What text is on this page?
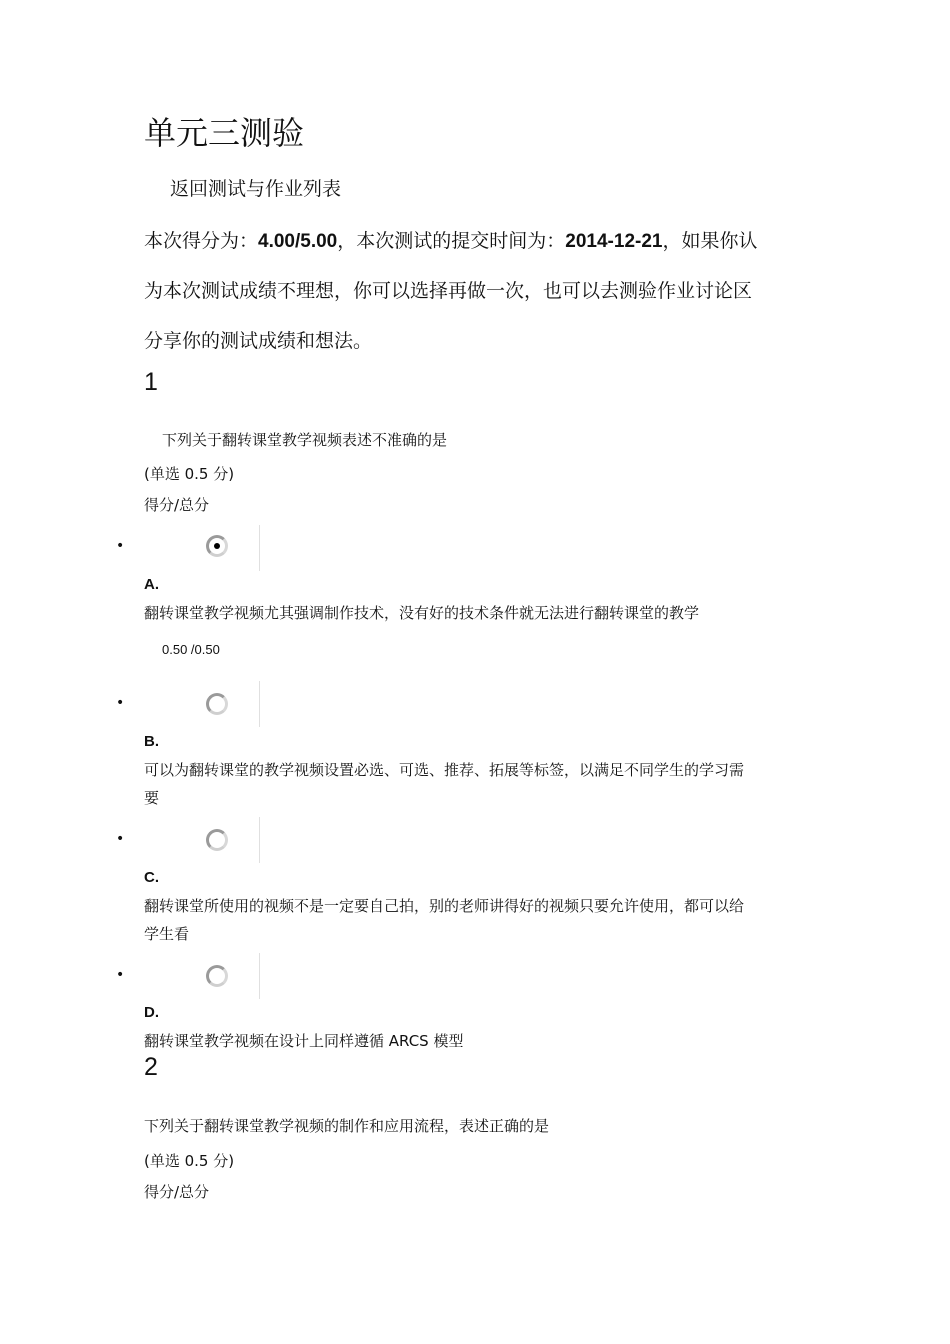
单元三测验
返回测试与作业列表
本次得分为：4.00/5.00，本次测试的提交时间为：2014-12-21，如果你认
为本次测试成绩不理想，你可以选择再做一次，也可以去测验作业讨论区
分享你的测试成绩和想法。
1
下列关于翻转课堂教学视频表述不准确的是
(单选 0.5 分)
得分/总分
•
A.
翻转课堂教学视频尤其强调制作技术，没有好的技术条件就无法进行翻转课堂的教学
0.50 /0.50
•
B.
可以为翻转课堂的教学视频设置必选、可选、推荐、拓展等标签，以满足不同学生的学习需
要
•
C.
翻转课堂所使用的视频不是一定要自己拍，别的老师讲得好的视频只要允许使用，都可以给
学生看
•
D.
翻转课堂教学视频在设计上同样遵循 ARCS 模型
2
下列关于翻转课堂教学视频的制作和应用流程，表述正确的是
(单选 0.5 分)
得分/总分
